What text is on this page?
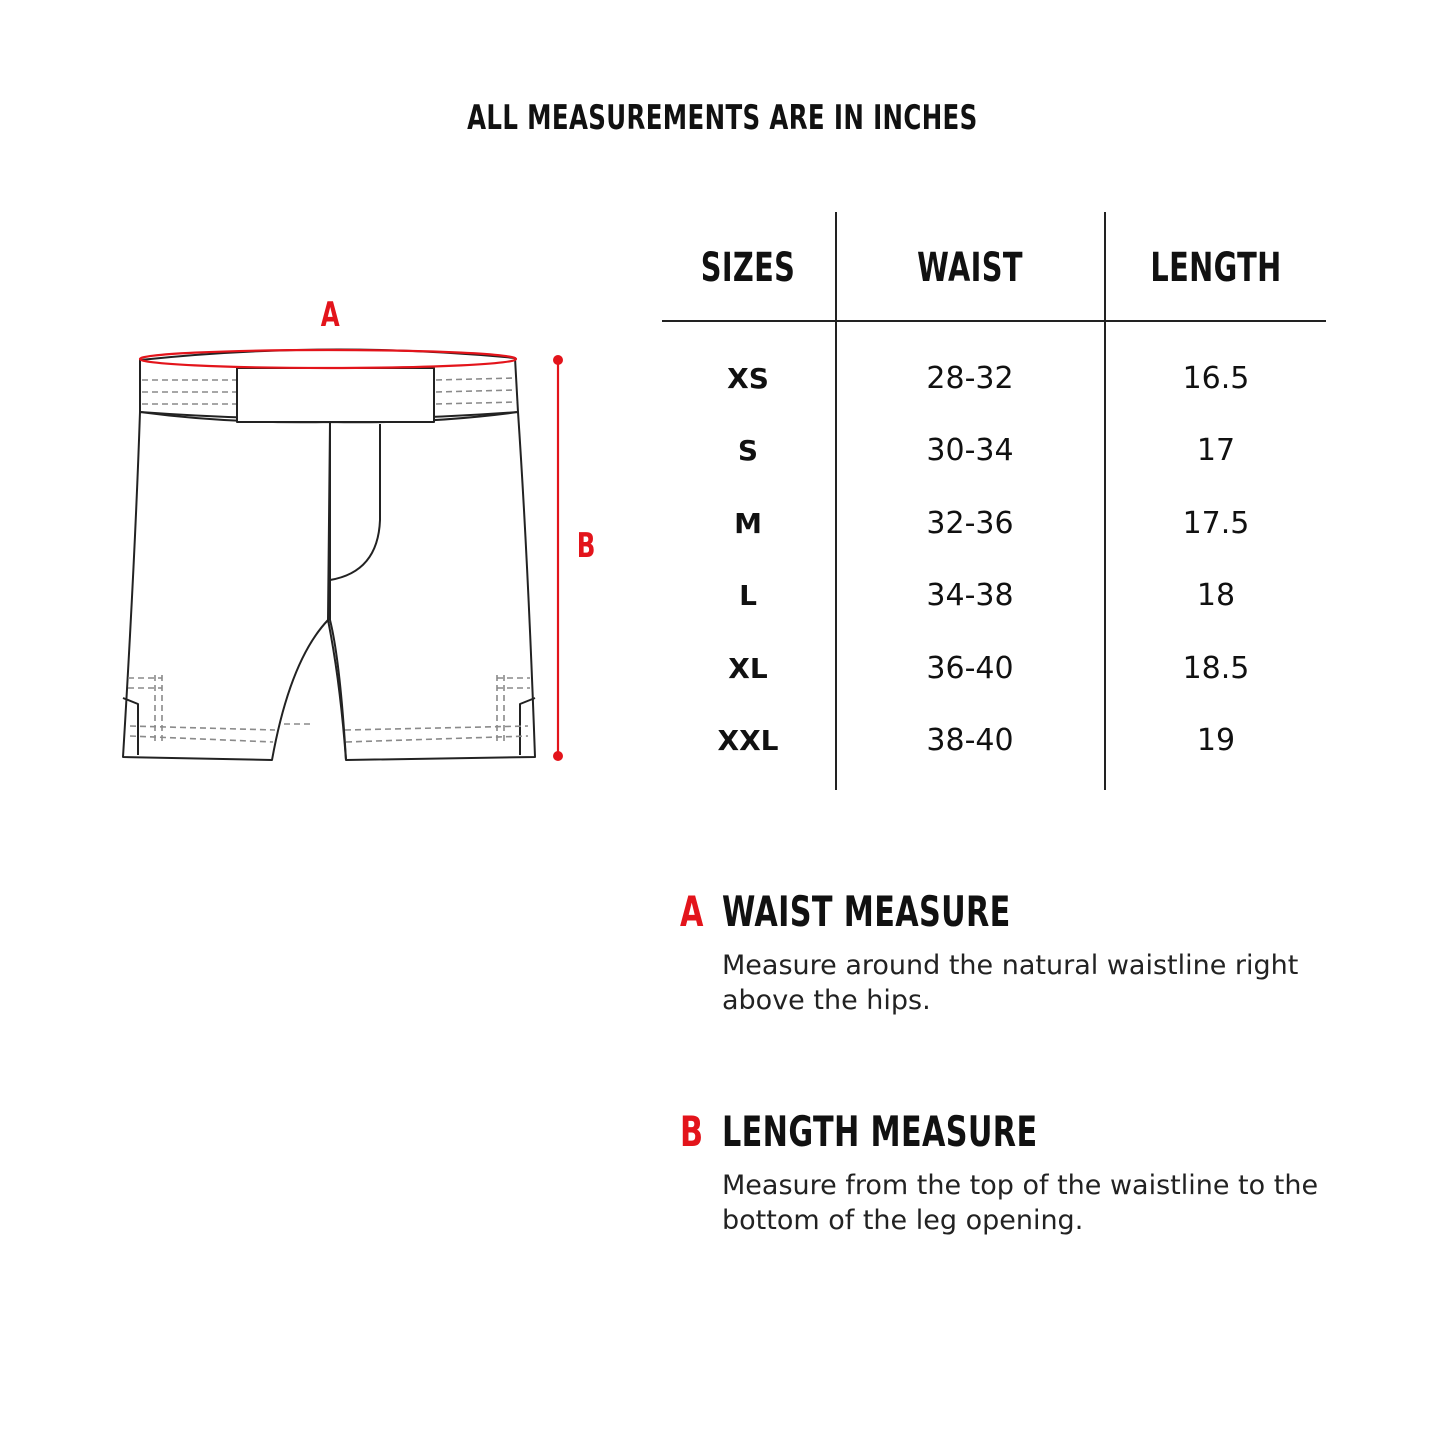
ALL MEASUREMENTS ARE IN INCHES
A
B
SIZES	WAIST	LENGTH
XS	28-32	16.5
S	30-34	17
M	32-36	17.5
L	34-38	18
XL	36-40	18.5
XXL	38-40	19
A WAIST MEASURE
Measure around the natural waistline right above the hips.
B LENGTH MEASURE
Measure from the top of the waistline to the bottom of the leg opening.
